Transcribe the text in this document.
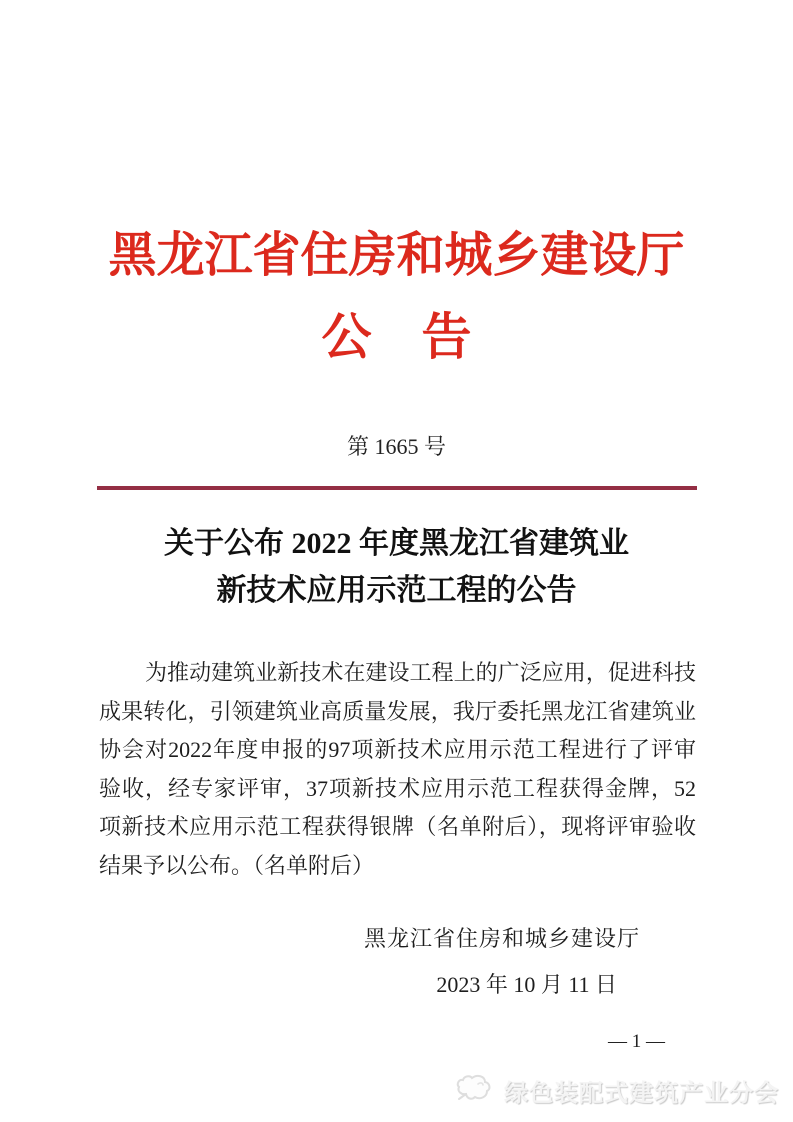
黑龙江省住房和城乡建设厅
公　告
第 1665 号
关于公布 2022 年度黑龙江省建筑业
新技术应用示范工程的公告
为推动建筑业新技术在建设工程上的广泛应用，促进科技
成果转化，引领建筑业高质量发展，我厅委托黑龙江省建筑业
协会对2022年度申报的97项新技术应用示范工程进行了评审
验收，经专家评审，37项新技术应用示范工程获得金牌，52
项新技术应用示范工程获得银牌（名单附后），现将评审验收
结果予以公布。（名单附后）
黑龙江省住房和城乡建设厅
2023 年 10 月 11 日
— 1 —
绿色装配式建筑产业分会
